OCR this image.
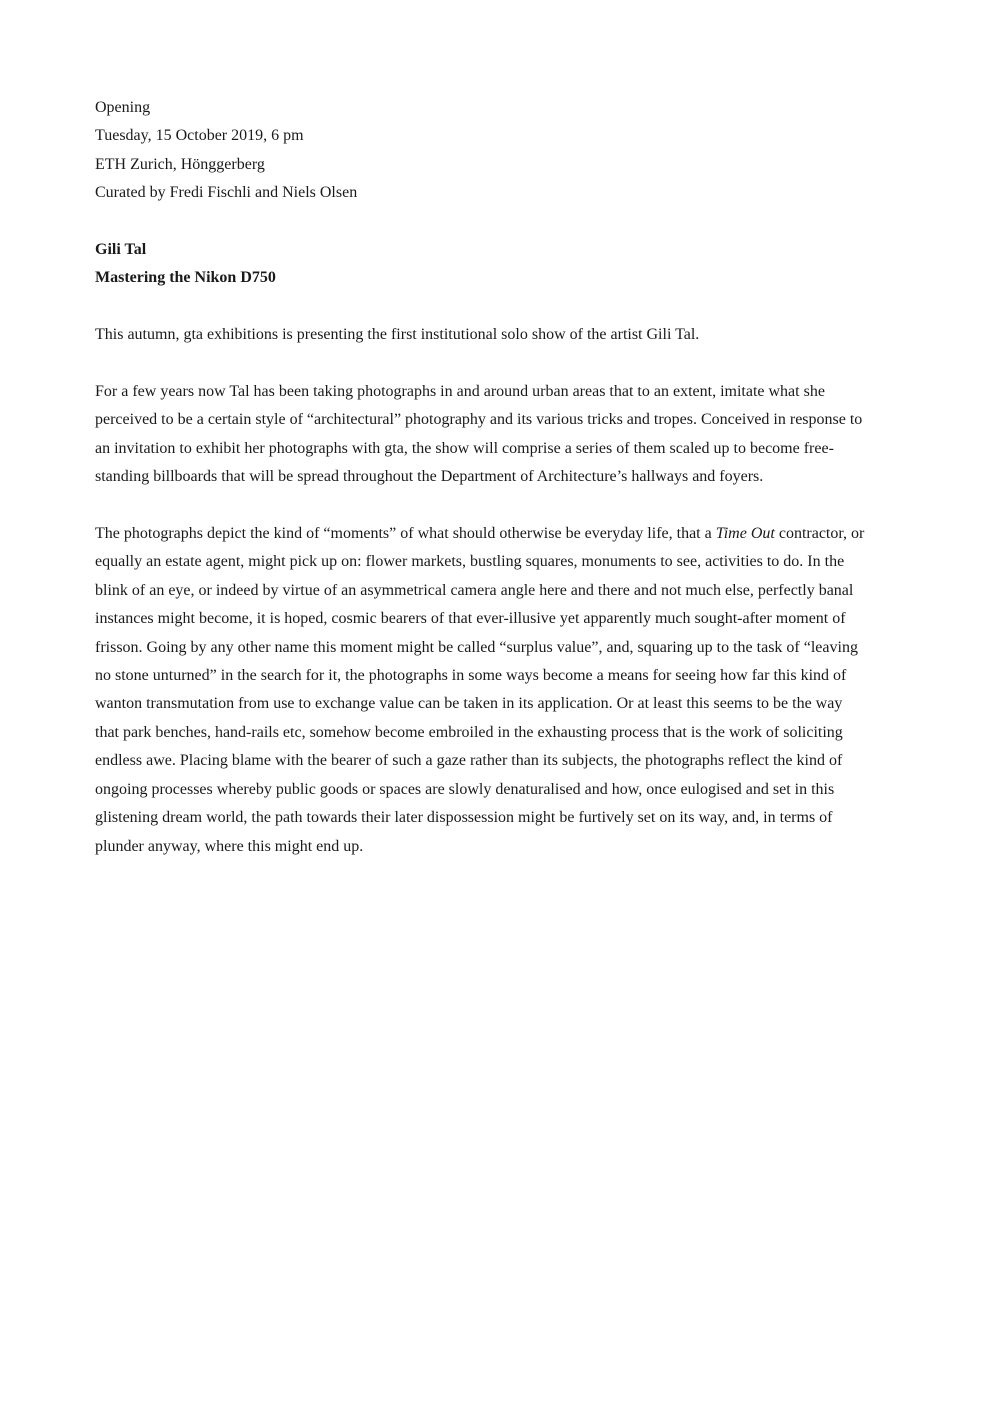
Opening
Tuesday, 15 October 2019, 6 pm
ETH Zurich, Hönggerberg
Curated by Fredi Fischli and Niels Olsen
Gili Tal
Mastering the Nikon D750

This autumn, gta exhibitions is presenting the first institutional solo show of the artist Gili Tal.

For a few years now Tal has been taking photographs in and around urban areas that to an extent, imitate what she
perceived to be a certain style of “architectural” photography and its various tricks and tropes. Conceived in response to
an invitation to exhibit her photographs with gta, the show will comprise a series of them scaled up to become free-
standing billboards that will be spread throughout the Department of Architecture’s hallways and foyers.

The photographs depict the kind of “moments” of what should otherwise be everyday life, that a Time Out contractor, or
equally an estate agent, might pick up on: flower markets, bustling squares, monuments to see, activities to do. In the
blink of an eye, or indeed by virtue of an asymmetrical camera angle here and there and not much else, perfectly banal
instances might become, it is hoped, cosmic bearers of that ever-illusive yet apparently much sought-after moment of
frisson. Going by any other name this moment might be called “surplus value”, and, squaring up to the task of “leaving
no stone unturned” in the search for it, the photographs in some ways become a means for seeing how far this kind of
wanton transmutation from use to exchange value can be taken in its application. Or at least this seems to be the way
that park benches, hand-rails etc, somehow become embroiled in the exhausting process that is the work of soliciting
endless awe. Placing blame with the bearer of such a gaze rather than its subjects, the photographs reflect the kind of
ongoing processes whereby public goods or spaces are slowly denaturalised and how, once eulogised and set in this
glistening dream world, the path towards their later dispossession might be furtively set on its way, and, in terms of
plunder anyway, where this might end up.
